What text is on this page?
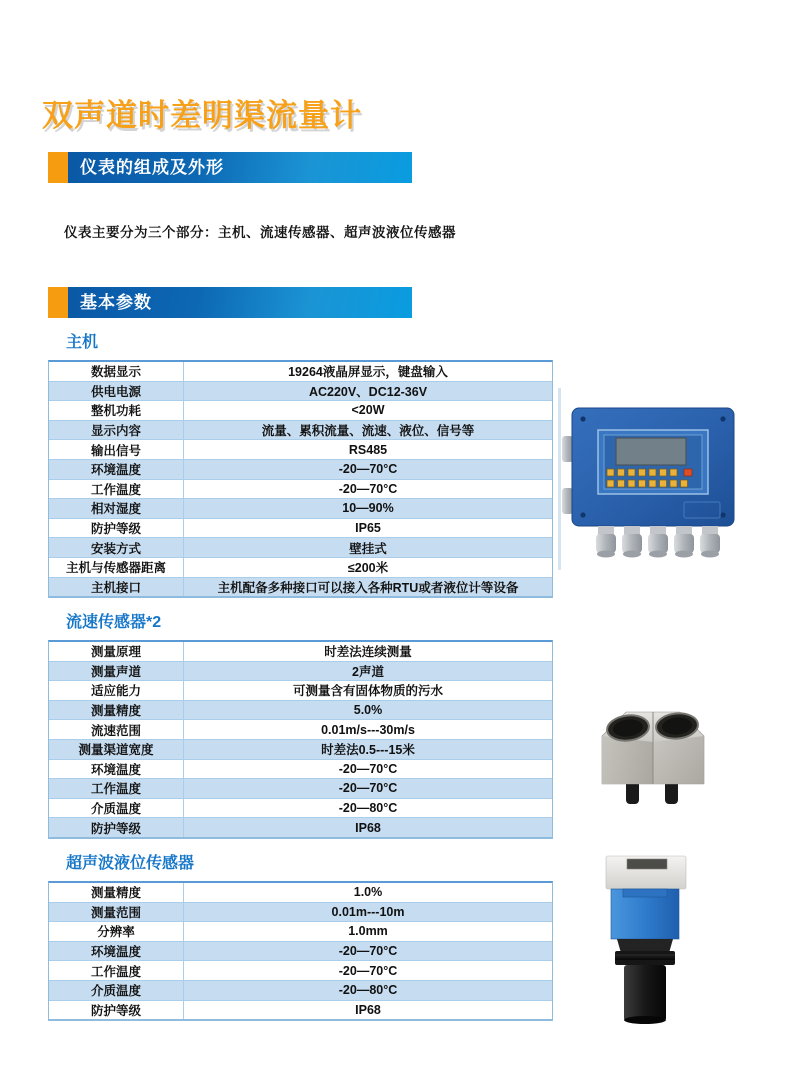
双声道时差明渠流量计
仪表的组成及外形

仪表主要分为三个部分：主机、流速传感器、超声波液位传感器

基本参数
主机
数据显示	19264液晶屏显示，键盘输入
供电电源	AC220V、DC12-36V
整机功耗	<20W
显示内容	流量、累积流量、流速、液位、信号等
输出信号	RS485
环境温度	-20—70°C
工作温度	-20—70°C
相对湿度	10—90%
防护等级	IP65
安装方式	壁挂式
主机与传感器距离	≤200米
主机接口	主机配备多种接口可以接入各种RTU或者液位计等设备
流速传感器*2
测量原理	时差法连续测量
测量声道	2声道
适应能力	可测量含有固体物质的污水
测量精度	5.0%
流速范围	0.01m/s---30m/s
测量渠道宽度	时差法0.5---15米
环境温度	-20—70°C
工作温度	-20—70°C
介质温度	-20—80°C
防护等级	IP68
超声波液位传感器
测量精度	1.0%
测量范围	0.01m---10m
分辨率	1.0mm
环境温度	-20—70°C
工作温度	-20—70°C
介质温度	-20—80°C
防护等级	IP68
